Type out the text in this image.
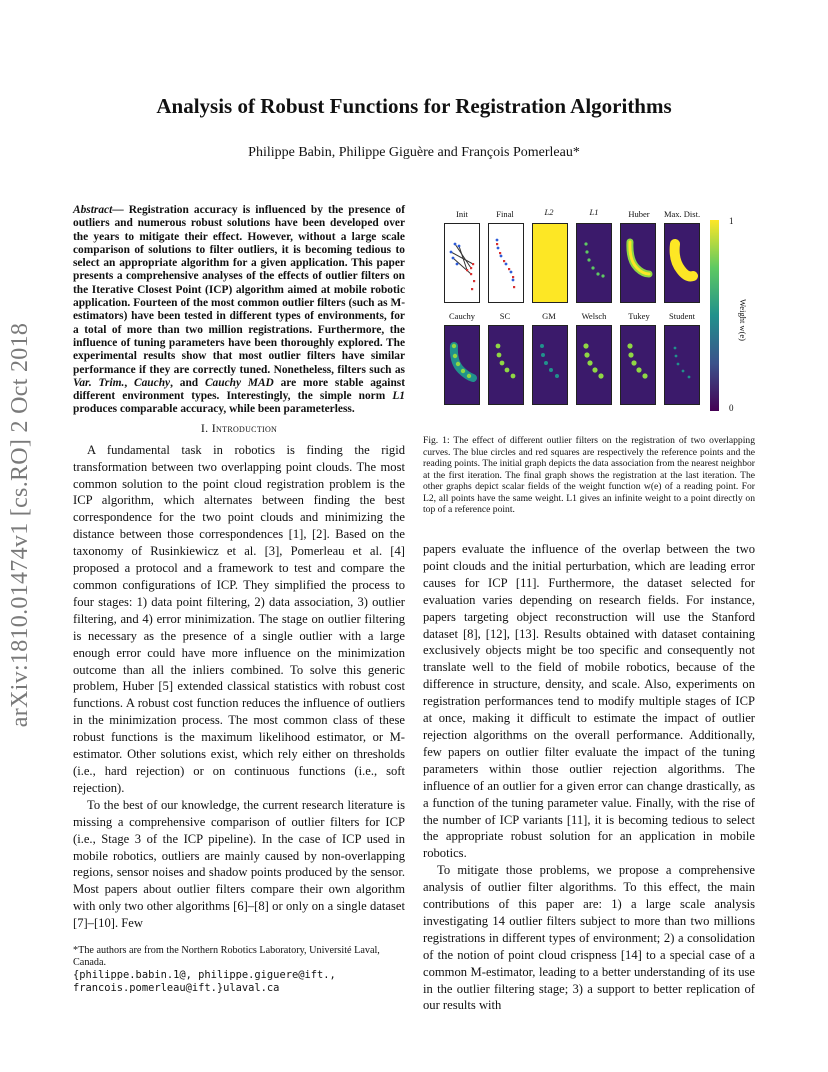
arXiv:1810.01474v1 [cs.RO] 2 Oct 2018
Analysis of Robust Functions for Registration Algorithms
Philippe Babin, Philippe Giguère and François Pomerleau*

Abstract— Registration accuracy is influenced by the presence of outliers and numerous robust solutions have been developed over the years to mitigate their effect. However, without a large scale comparison of solutions to filter outliers, it is becoming tedious to select an appropriate algorithm for a given application. This paper presents a comprehensive analyses of the effects of outlier filters on the Iterative Closest Point (ICP) algorithm aimed at mobile robotic application. Fourteen of the most common outlier filters (such as M-estimators) have been tested in different types of environments, for a total of more than two million registrations. Furthermore, the influence of tuning parameters have been thoroughly explored. The experimental results show that most outlier filters have similar performance if they are correctly tuned. Nonetheless, filters such as Var. Trim., Cauchy, and Cauchy MAD are more stable against different environment types. Interestingly, the simple norm L1 produces comparable accuracy, while been parameterless.

I. Introduction

A fundamental task in robotics is finding the rigid transformation between two overlapping point clouds. The most common solution to the point cloud registration problem is the ICP algorithm, which alternates between finding the best correspondence for the two point clouds and minimizing the distance between those correspondences [1], [2]. Based on the taxonomy of Rusinkiewicz et al. [3], Pomerleau et al. [4] proposed a protocol and a framework to test and compare the common configurations of ICP. They simplified the process to four stages: 1) data point filtering, 2) data association, 3) outlier filtering, and 4) error minimization. The stage on outlier filtering is necessary as the presence of a single outlier with a large enough error could have more influence on the minimization outcome than all the inliers combined. To solve this generic problem, Huber [5] extended classical statistics with robust cost functions. A robust cost function reduces the influence of outliers in the minimization process. The most common class of these robust functions is the maximum likelihood estimator, or M-estimator. Other solutions exist, which rely either on thresholds (i.e., hard rejection) or on continuous functions (i.e., soft rejection).

To the best of our knowledge, the current research literature is missing a comprehensive comparison of outlier filters for ICP (i.e., Stage 3 of the ICP pipeline). In the case of ICP used in mobile robotics, outliers are mainly caused by non-overlapping regions, sensor noises and shadow points produced by the sensor. Most papers about outlier filters compare their own algorithm with only two other algorithms [6]–[8] or only on a single dataset [7]–[10]. Few

*The authors are from the Northern Robotics Laboratory, Université Laval, Canada.
{philippe.babin.1@, philippe.giguere@ift., francois.pomerleau@ift.}ulaval.ca
Init	Final	L2	L1	Huber	Max. Dist.
Cauchy	SC	GM	Welsch	Tukey	Student
1
0
Weight w(e)
Fig. 1: The effect of different outlier filters on the registration of two overlapping curves. The blue circles and red squares are respectively the reference points and the reading points. The initial graph depicts the data association from the nearest neighbor at the first iteration. The final graph shows the registration at the last iteration. The other graphs depict scalar fields of the weight function w(e) of a reading point. For L2, all points have the same weight. L1 gives an infinite weight to a point directly on top of a reference point.

papers evaluate the influence of the overlap between the two point clouds and the initial perturbation, which are leading error causes for ICP [11]. Furthermore, the dataset selected for evaluation varies depending on research fields. For instance, papers targeting object reconstruction will use the Stanford dataset [8], [12], [13]. Results obtained with dataset containing exclusively objects might be too specific and consequently not translate well to the field of mobile robotics, because of the difference in structure, density, and scale. Also, experiments on registration performances tend to modify multiple stages of ICP at once, making it difficult to estimate the impact of outlier rejection algorithms on the overall performance. Additionally, few papers on outlier filter evaluate the impact of the tuning parameters within those outlier rejection algorithms. The influence of an outlier for a given error can change drastically, as a function of the tuning parameter value. Finally, with the rise of the number of ICP variants [11], it is becoming tedious to select the appropriate robust solution for an application in mobile robotics.

To mitigate those problems, we propose a comprehensive analysis of outlier filter algorithms. To this effect, the main contributions of this paper are: 1) a large scale analysis investigating 14 outlier filters subject to more than two millions registrations in different types of environment; 2) a consolidation of the notion of point cloud crispness [14] to a special case of a common M-estimator, leading to a better understanding of its use in the outlier filtering stage; 3) a support to better replication of our results with
